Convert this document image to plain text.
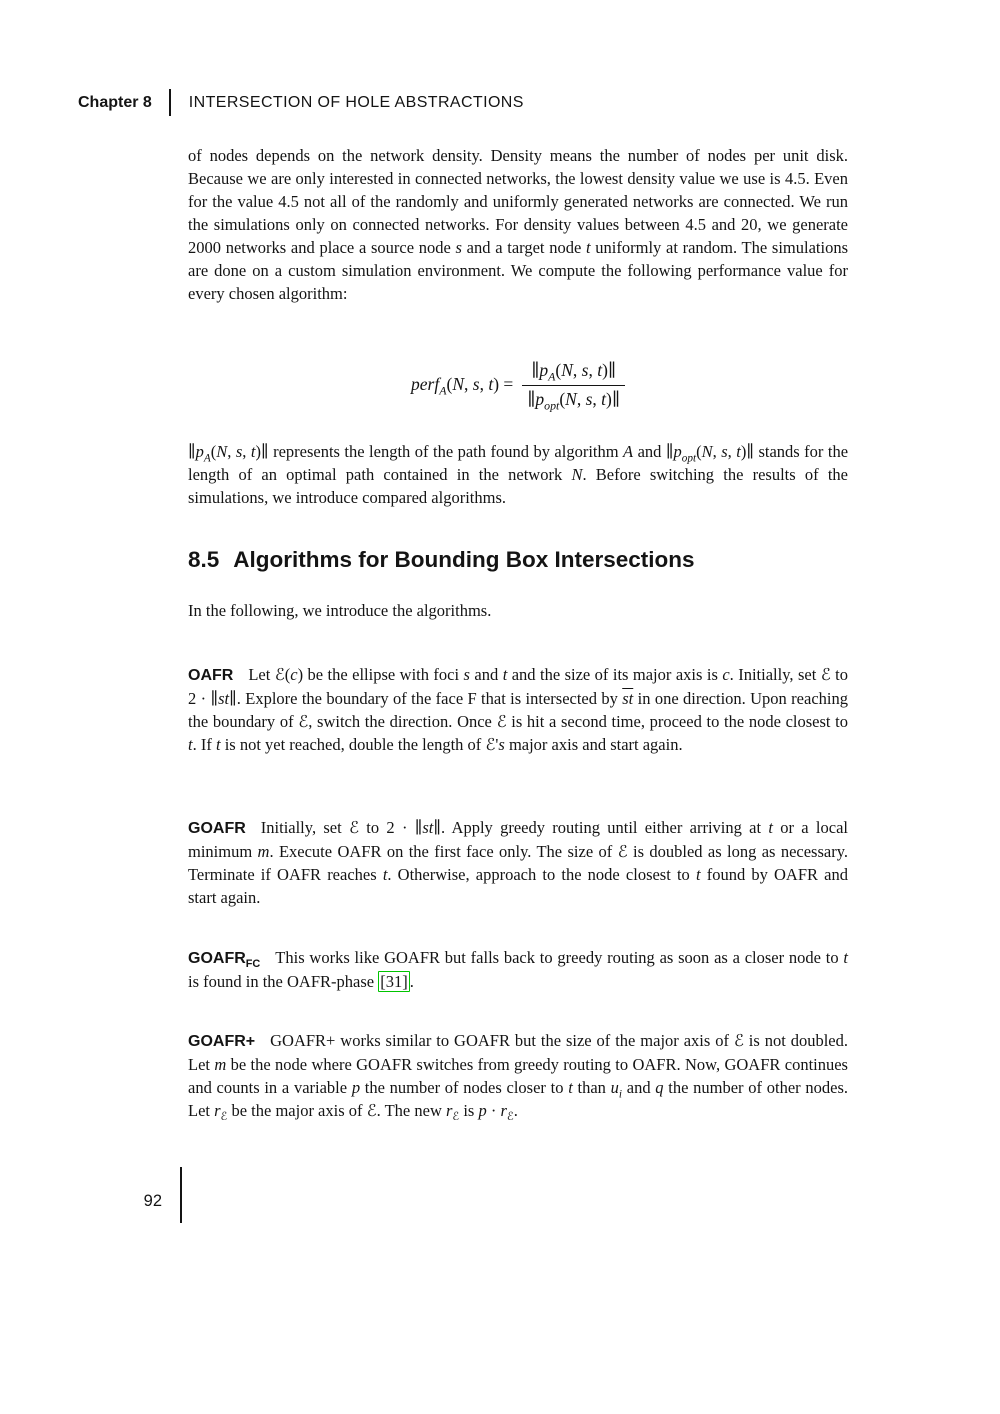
Chapter 8 INTERSECTION OF HOLE ABSTRACTIONS

of nodes depends on the network density. Density means the number of nodes per unit disk. Because we are only interested in connected networks, the lowest density value we use is 4.5. Even for the value 4.5 not all of the randomly and uniformly generated networks are connected. We run the simulations only on connected networks. For density values between 4.5 and 20, we generate 2000 networks and place a source node s and a target node t uniformly at random. The simulations are done on a custom simulation environment. We compute the following performance value for every chosen algorithm:

perf$_A$(N, s, $t) = \frac{\parallel p_A(N, s, t)\parallel}{\parallel p_{opt}(N, s, t)\parallel}$

$\parallel p_A(N$, s, t)∥ represents the length of the path found by algorithm A and $\parallel p_{opt}(N$, s, t)∥ stands for the length of an optimal path contained in the network N. Before switching the results of the simulations, we introduce compared algorithms.

8.5 Algorithms for Bounding Box Intersections

In the following, we introduce the algorithms.

OAFR Let ℰ(c) be the ellipse with foci s and t and the size of its major axis is c. Initially, set ℰ to 2 · ∥st∥. Explore the boundary of the face F that is intersected by $\overline{st}$ in one direction. Upon reaching the boundary of ℰ, switch the direction. Once ℰ is hit a second time, proceed to the node closest to t. If t is not yet reached, double the length of ℰ's major axis and start again.

GOAFR Initially, set ℰ to 2 · ∥st∥. Apply greedy routing until either arriving at t or a local minimum m. Execute OAFR on the first face only. The size of ℰ is doubled as long as necessary. Terminate if OAFR reaches t. Otherwise, approach to the node closest to t found by OAFR and start again.

$GOAFR_{FC}$ This works like GOAFR but falls back to greedy routing as soon as a closer node to t is found in the OAFR-phase [31] .

GOAFR+ GOAFR+ works similar to GOAFR but the size of the major axis of ℰ is not doubled. Let m be the node where GOAFR switches from greedy routing to OAFR. Now, GOAFR continues and counts in a variable p the number of nodes closer to t than $u_i$ and q the number of other nodes. Let $r_ℰ$ be the major axis of ℰ. The new $r_ℰ$ is $p \cdot r_ℰ$.

92
